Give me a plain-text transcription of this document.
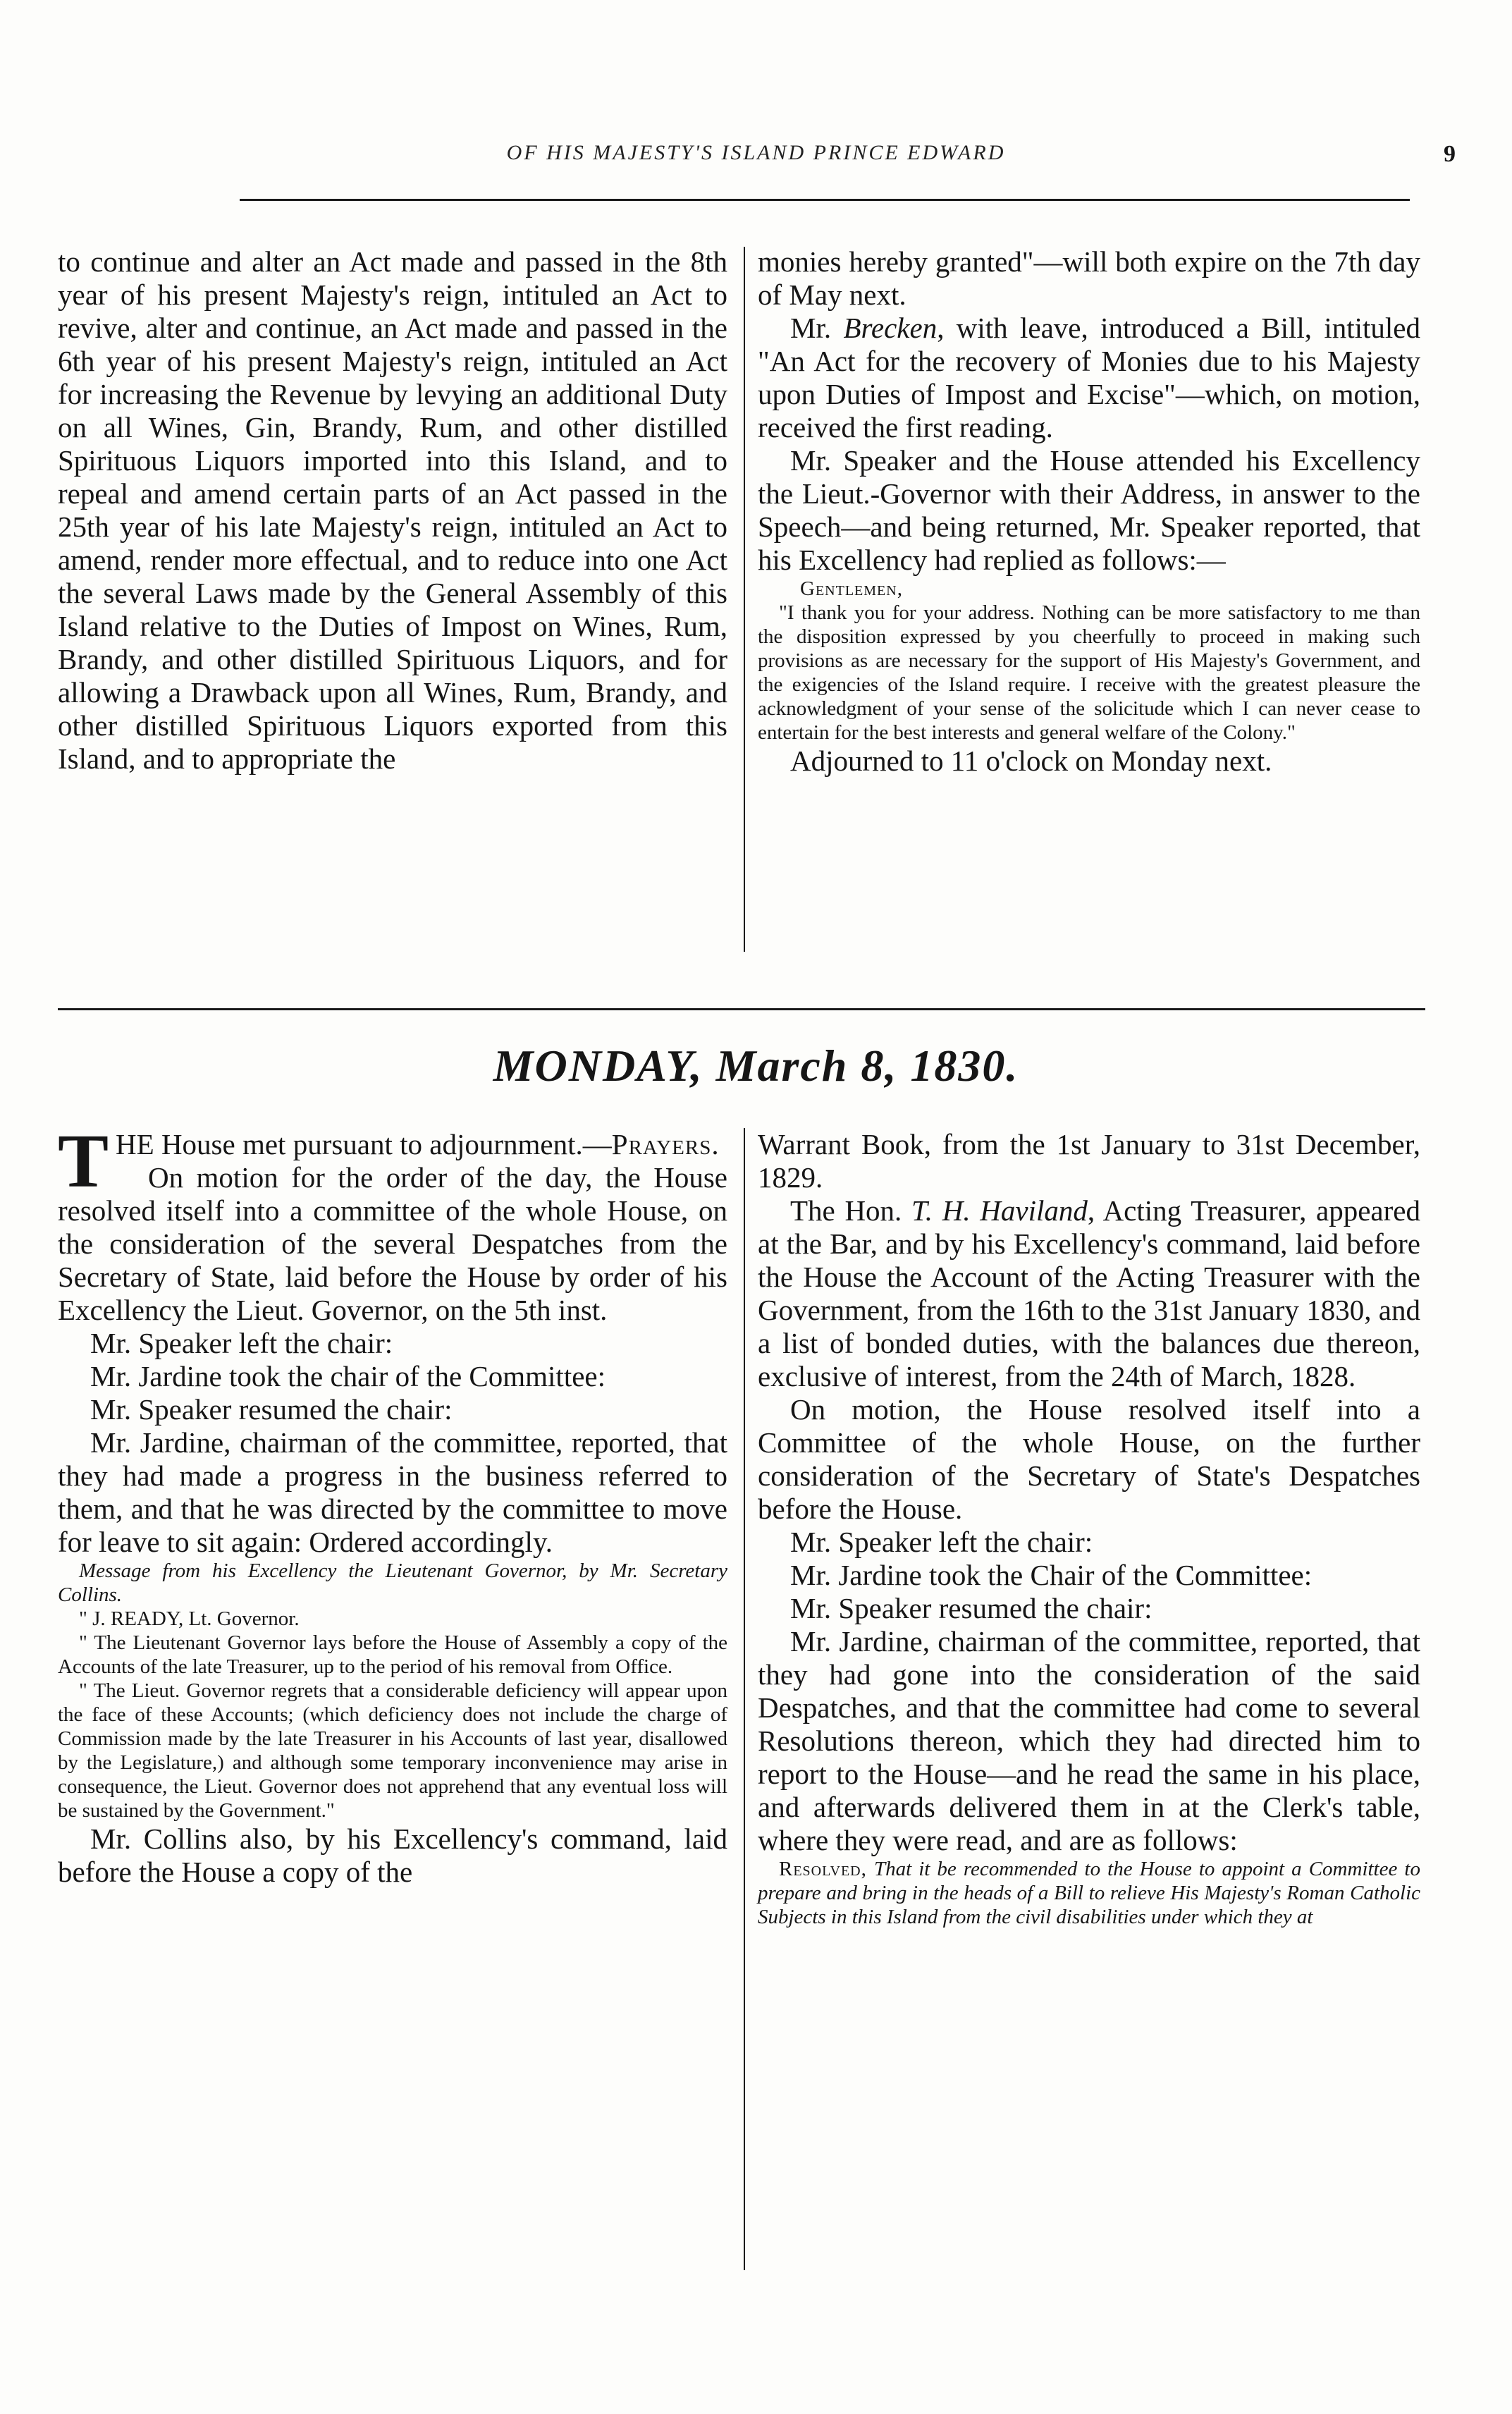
OF HIS MAJESTY'S ISLAND PRINCE EDWARD	9

to continue and alter an Act made and passed in the 8th year of his present Majesty's reign, intituled an Act to revive, alter and continue, an Act made and passed in the 6th year of his present Majesty's reign, intituled an Act for increasing the Revenue by levying an additional Duty on all Wines, Gin, Brandy, Rum, and other distilled Spirituous Liquors imported into this Island, and to repeal and amend certain parts of an Act passed in the 25th year of his late Majesty's reign, intituled an Act to amend, render more effectual, and to reduce into one Act the several Laws made by the General Assembly of this Island relative to the Duties of Impost on Wines, Rum, Brandy, and other distilled Spirituous Liquors, and for allowing a Drawback upon all Wines, Rum, Brandy, and other distilled Spirituous Liquors exported from this Island, and to appropriate the

monies hereby granted"—will both expire on the 7th day of May next.

Mr. Brecken, with leave, introduced a Bill, intituled "An Act for the recovery of Monies due to his Majesty upon Duties of Impost and Excise"—which, on motion, received the first reading.

Mr. Speaker and the House attended his Excellency the Lieut.-Governor with their Address, in answer to the Speech—and being returned, Mr. Speaker reported, that his Excellency had replied as follows:—

Gentlemen,

"I thank you for your address. Nothing can be more satisfactory to me than the disposition expressed by you cheerfully to proceed in making such provisions as are necessary for the support of His Majesty's Government, and the exigencies of the Island require. I receive with the greatest pleasure the acknowledgment of your sense of the solicitude which I can never cease to entertain for the best interests and general welfare of the Colony."

Adjourned to 11 o'clock on Monday next.

MONDAY, March 8, 1830.

THE House met pursuant to adjournment.—Prayers.

On motion for the order of the day, the House resolved itself into a committee of the whole House, on the consideration of the several Despatches from the Secretary of State, laid before the House by order of his Excellency the Lieut. Governor, on the 5th inst.

Mr. Speaker left the chair:

Mr. Jardine took the chair of the Committee:

Mr. Speaker resumed the chair:

Mr. Jardine, chairman of the committee, reported, that they had made a progress in the business referred to them, and that he was directed by the committee to move for leave to sit again: Ordered accordingly.

Message from his Excellency the Lieutenant Governor, by Mr. Secretary Collins.

" J. READY, Lt. Governor.

" The Lieutenant Governor lays before the House of Assembly a copy of the Accounts of the late Treasurer, up to the period of his removal from Office.

" The Lieut. Governor regrets that a considerable deficiency will appear upon the face of these Accounts; (which deficiency does not include the charge of Commission made by the late Treasurer in his Accounts of last year, disallowed by the Legislature,) and although some temporary inconvenience may arise in consequence, the Lieut. Governor does not apprehend that any eventual loss will be sustained by the Government."

Mr. Collins also, by his Excellency's command, laid before the House a copy of the

Warrant Book, from the 1st January to 31st December, 1829.

The Hon. T. H. Haviland, Acting Treasurer, appeared at the Bar, and by his Excellency's command, laid before the House the Account of the Acting Treasurer with the Government, from the 16th to the 31st January 1830, and a list of bonded duties, with the balances due thereon, exclusive of interest, from the 24th of March, 1828.

On motion, the House resolved itself into a Committee of the whole House, on the further consideration of the Secretary of State's Despatches before the House.

Mr. Speaker left the chair:

Mr. Jardine took the Chair of the Committee:

Mr. Speaker resumed the chair:

Mr. Jardine, chairman of the committee, reported, that they had gone into the consideration of the said Despatches, and that the committee had come to several Resolutions thereon, which they had directed him to report to the House—and he read the same in his place, and afterwards delivered them in at the Clerk's table, where they were read, and are as follows:

Resolved, That it be recommended to the House to appoint a Committee to prepare and bring in the heads of a Bill to relieve His Majesty's Roman Catholic Subjects in this Island from the civil disabilities under which they at
